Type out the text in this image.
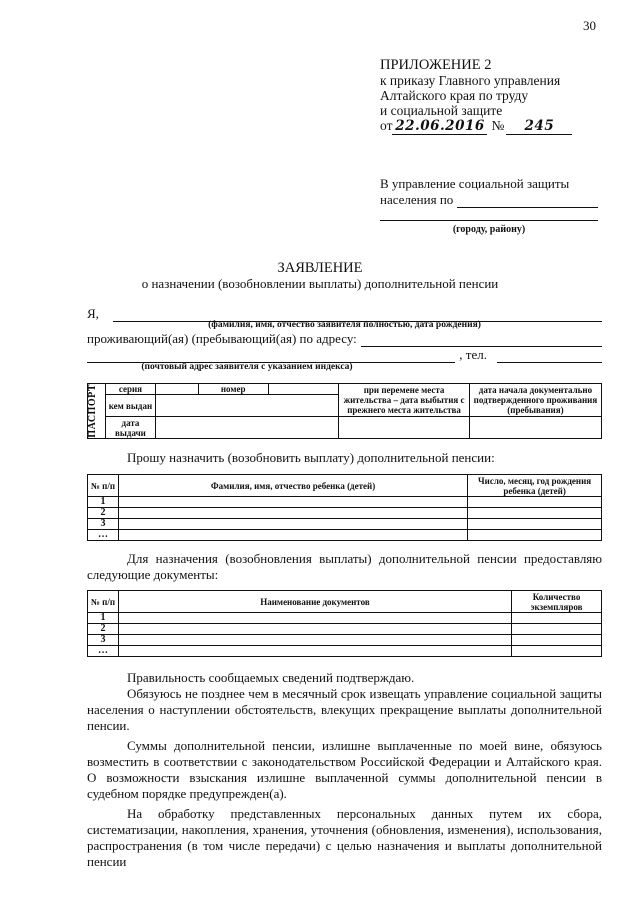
30
ПРИЛОЖЕНИЕ 2
к приказу Главного управления
Алтайского края по труду
и социальной защите
от 22.06.2016 №	245
В управление социальной защиты
населения по
(городу, району)
ЗАЯВЛЕНИЕ
о назначении (возобновлении выплаты) дополнительной пенсии
Я,
(фамилия, имя, отчество заявителя полностью, дата рождения)
проживающий(ая) (пребывающий(ая) по адресу:
, тел.
(почтовый адрес заявителя с указанием индекса)
ПАСПОРТ	серия		номер		при перемене места жительства – дата выбытия с прежнего места жительства	дата начала документально подтвержденного проживания (пребывания)
	кем выдан					
	дата выдачи					
Прошу назначить (возобновить выплату) дополнительной пенсии:
№ п/п	Фамилия, имя, отчество ребенка (детей)	Число, месяц, год рождения ребенка (детей)
1		
2		
3		
…		
Для назначения (возобновления выплаты) дополнительной пенсии предоставляю следующие документы:
№ п/п	Наименование документов	Количество экземпляров
1		
2		
3		
…		
Правильность сообщаемых сведений подтверждаю.
Обязуюсь не позднее чем в месячный срок извещать управление социальной защиты населения о наступлении обстоятельств, влекущих прекращение выплаты дополнительной пенсии.
Суммы дополнительной пенсии, излишне выплаченные по моей вине, обязуюсь возместить в соответствии с законодательством Российской Федерации и Алтайского края. О возможности взыскания излишне выплаченной суммы дополнительной пенсии в судебном порядке предупрежден(а).
На обработку представленных персональных данных путем их сбора, систематизации, накопления, хранения, уточнения (обновления, изменения), использования, распространения (в том числе передачи) с целью назначения и выплаты дополнительной пенсии
